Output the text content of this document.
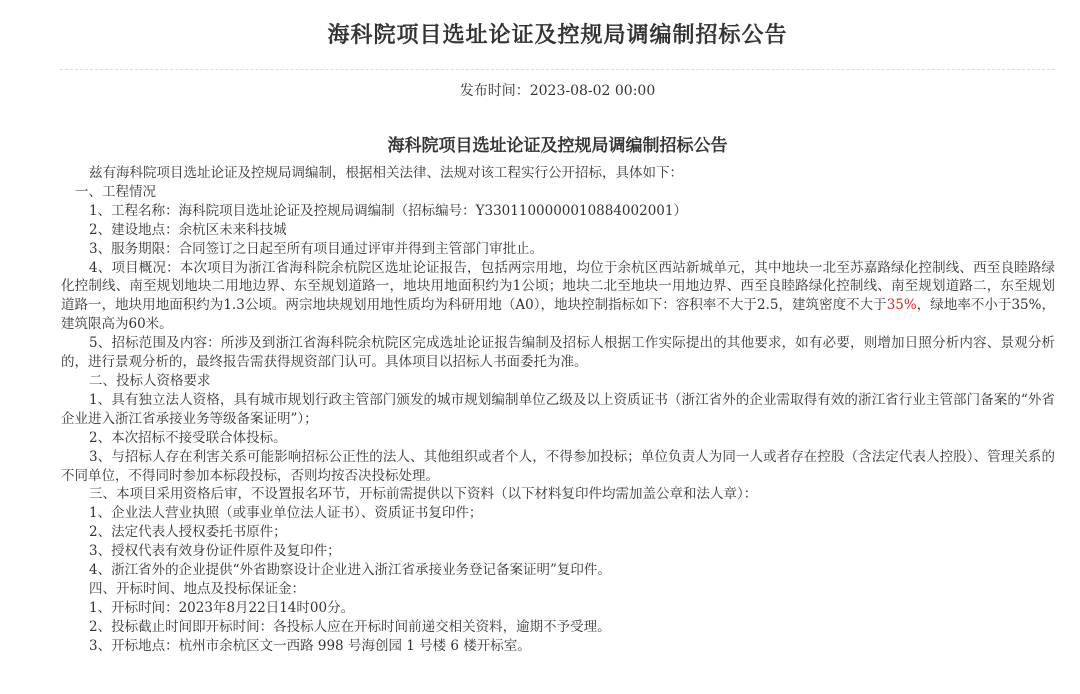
海科院项目选址论证及控规局调编制招标公告
发布时间：2023-08-02 00:00
海科院项目选址论证及控规局调编制招标公告

兹有海科院项目选址论证及控规局调编制，根据相关法律、法规对该工程实行公开招标，具体如下：

一、工程情况

1、工程名称：海科院项目选址论证及控规局调编制（招标编号：Y3301100000010884002001）

2、建设地点：余杭区未来科技城

3、服务期限：合同签订之日起至所有项目通过评审并得到主管部门审批止。

4、项目概况：本次项目为浙江省海科院余杭院区选址论证报告，包括两宗用地，均位于余杭区西站新城单元，其中地块一北至苏嘉路绿化控制线、西至良睦路绿化控制线、南至规划地块二用地边界、东至规划道路一，地块用地面积约为1公顷；地块二北至地块一用地边界、西至良睦路绿化控制线、南至规划道路二，东至规划道路一，地块用地面积约为1.3公顷。两宗地块规划用地性质均为科研用地（A0），地块控制指标如下：容积率不大于2.5，建筑密度不大于35%，绿地率不小于35%，建筑限高为60米。

5、招标范围及内容：所涉及到浙江省海科院余杭院区完成选址论证报告编制及招标人根据工作实际提出的其他要求，如有必要，则增加日照分析内容、景观分析的，进行景观分析的，最终报告需获得规资部门认可。具体项目以招标人书面委托为准。

二、投标人资格要求

1、具有独立法人资格，具有城市规划行政主管部门颁发的城市规划编制单位乙级及以上资质证书（浙江省外的企业需取得有效的浙江省行业主管部门备案的“外省企业进入浙江省承接业务等级备案证明”）；

2、本次招标不接受联合体投标。

3、与招标人存在利害关系可能影响招标公正性的法人、其他组织或者个人，不得参加投标；单位负责人为同一人或者存在控股（含法定代表人控股）、管理关系的不同单位，不得同时参加本标段投标，否则均按否决投标处理。

三、本项目采用资格后审，不设置报名环节，开标前需提供以下资料（以下材料复印件均需加盖公章和法人章）：

1、企业法人营业执照（或事业单位法人证书）、资质证书复印件；

2、法定代表人授权委托书原件；

3、授权代表有效身份证件原件及复印件；

4、浙江省外的企业提供“外省勘察设计企业进入浙江省承接业务登记备案证明”复印件。

四、开标时间、地点及投标保证金：

1、开标时间：2023年8月22日14时00分。

2、投标截止时间即开标时间：各投标人应在开标时间前递交相关资料，逾期不予受理。

3、开标地点：杭州市余杭区文一西路 998 号海创园 1 号楼 6 楼开标室。
